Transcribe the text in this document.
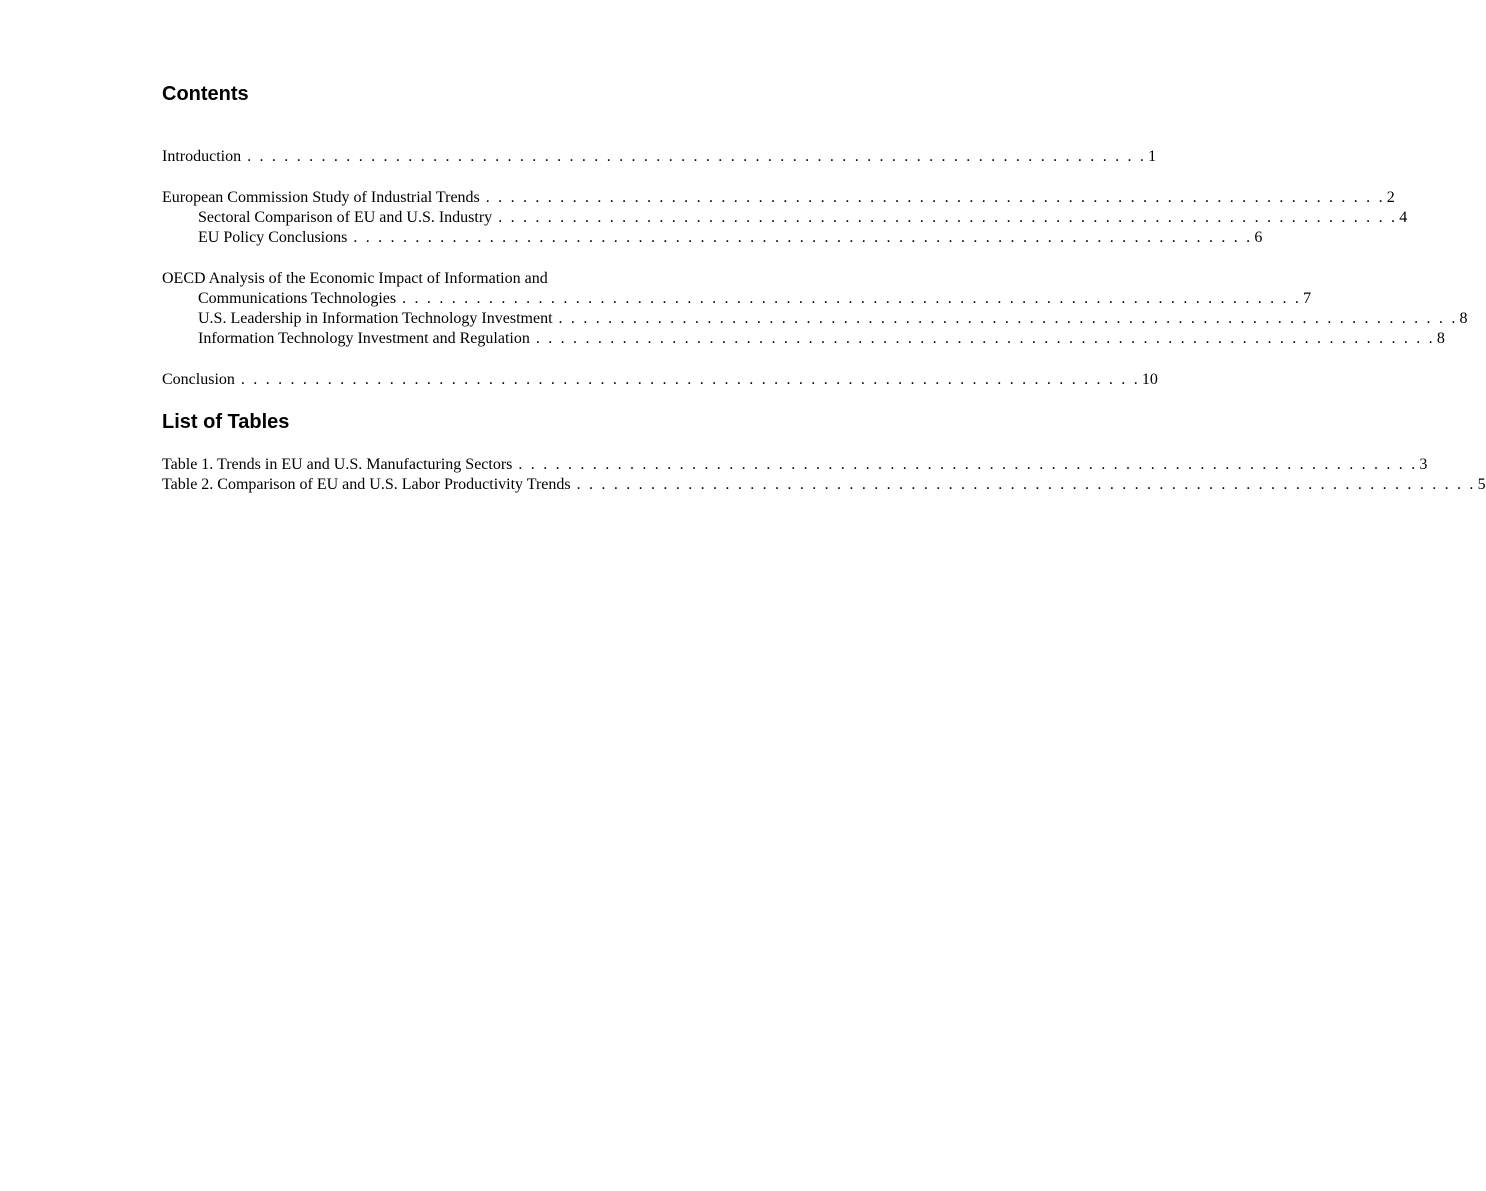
Contents
Introduction . . . . . . . . . . . . . . . . . . . . . . . . . . . . . . . . . . . . . . . . . . . . . . . . . . . . . . . . . . . . . . . . . . . . . . . . . 1
European Commission Study of Industrial Trends . . . . . . . . . . . . . . . . . . . . . . . . . . . . . . . . . . . . . . . . . . . . . . . . . . . . . . . . . . . . . . . . . . . . . . . . . 2
Sectoral Comparison of EU and U.S. Industry . . . . . . . . . . . . . . . . . . . . . . . . . . . . . . . . . . . . . . . . . . . . . . . . . . . . . . . . . . . . . . . . . . . . . . . . . 4
EU Policy Conclusions . . . . . . . . . . . . . . . . . . . . . . . . . . . . . . . . . . . . . . . . . . . . . . . . . . . . . . . . . . . . . . . . . . . . . . . . . 6
OECD Analysis of the Economic Impact of Information and
Communications Technologies . . . . . . . . . . . . . . . . . . . . . . . . . . . . . . . . . . . . . . . . . . . . . . . . . . . . . . . . . . . . . . . . . . . . . . . . . 7
U.S. Leadership in Information Technology Investment . . . . . . . . . . . . . . . . . . . . . . . . . . . . . . . . . . . . . . . . . . . . . . . . . . . . . . . . . . . . . . . . . . . . . . . . . 8
Information Technology Investment and Regulation . . . . . . . . . . . . . . . . . . . . . . . . . . . . . . . . . . . . . . . . . . . . . . . . . . . . . . . . . . . . . . . . . . . . . . . . . 8
Conclusion . . . . . . . . . . . . . . . . . . . . . . . . . . . . . . . . . . . . . . . . . . . . . . . . . . . . . . . . . . . . . . . . . . . . . . . . . 10
List of Tables
Table 1. Trends in EU and U.S. Manufacturing Sectors . . . . . . . . . . . . . . . . . . . . . . . . . . . . . . . . . . . . . . . . . . . . . . . . . . . . . . . . . . . . . . . . . . . . . . . . . 3
Table 2. Comparison of EU and U.S. Labor Productivity Trends . . . . . . . . . . . . . . . . . . . . . . . . . . . . . . . . . . . . . . . . . . . . . . . . . . . . . . . . . . . . . . . . . . . . . . . . . 5
